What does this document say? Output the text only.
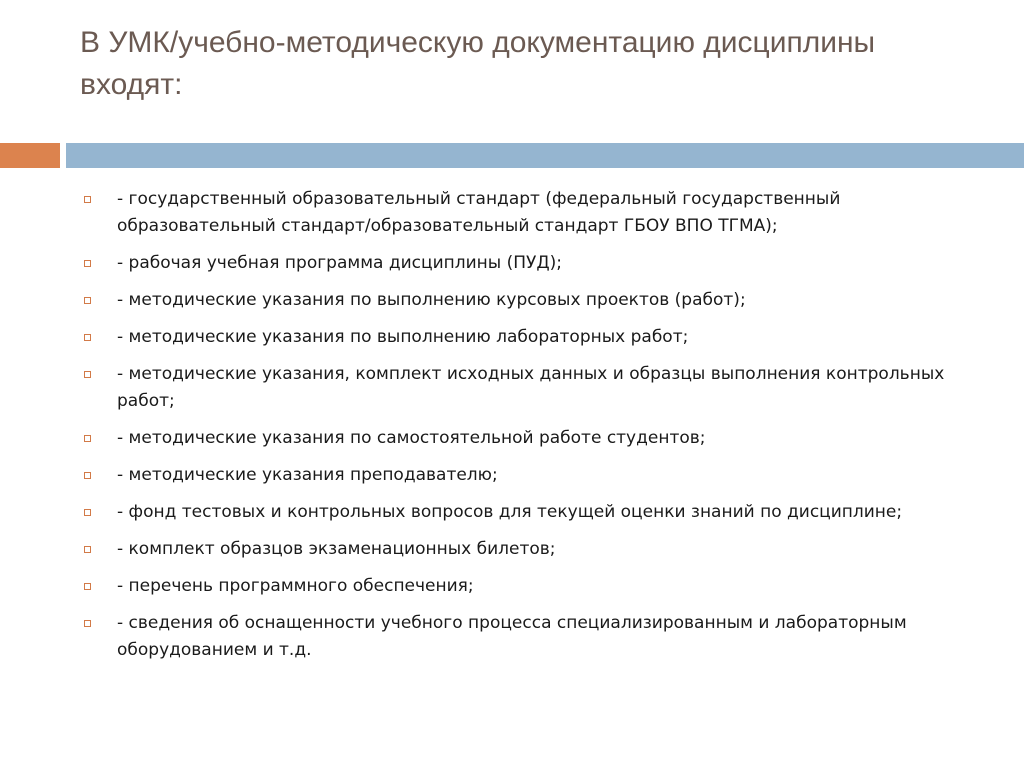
В УМК/учебно-методическую документацию дисциплины входят:
- государственный образовательный стандарт (федеральный государственный образовательный стандарт/образовательный стандарт ГБОУ ВПО ТГМА);
- рабочая учебная программа дисциплины (ПУД);
- методические указания по выполнению курсовых проектов (работ);
- методические указания по выполнению лабораторных работ;
- методические указания, комплект исходных данных и образцы выполнения контрольных работ;
- методические указания по самостоятельной работе студентов;
- методические указания преподавателю;
- фонд тестовых и контрольных вопросов для текущей оценки знаний по дисциплине;
- комплект образцов экзаменационных билетов;
- перечень программного обеспечения;
- сведения об оснащенности учебного процесса специализированным и лабораторным оборудованием и т.д.
